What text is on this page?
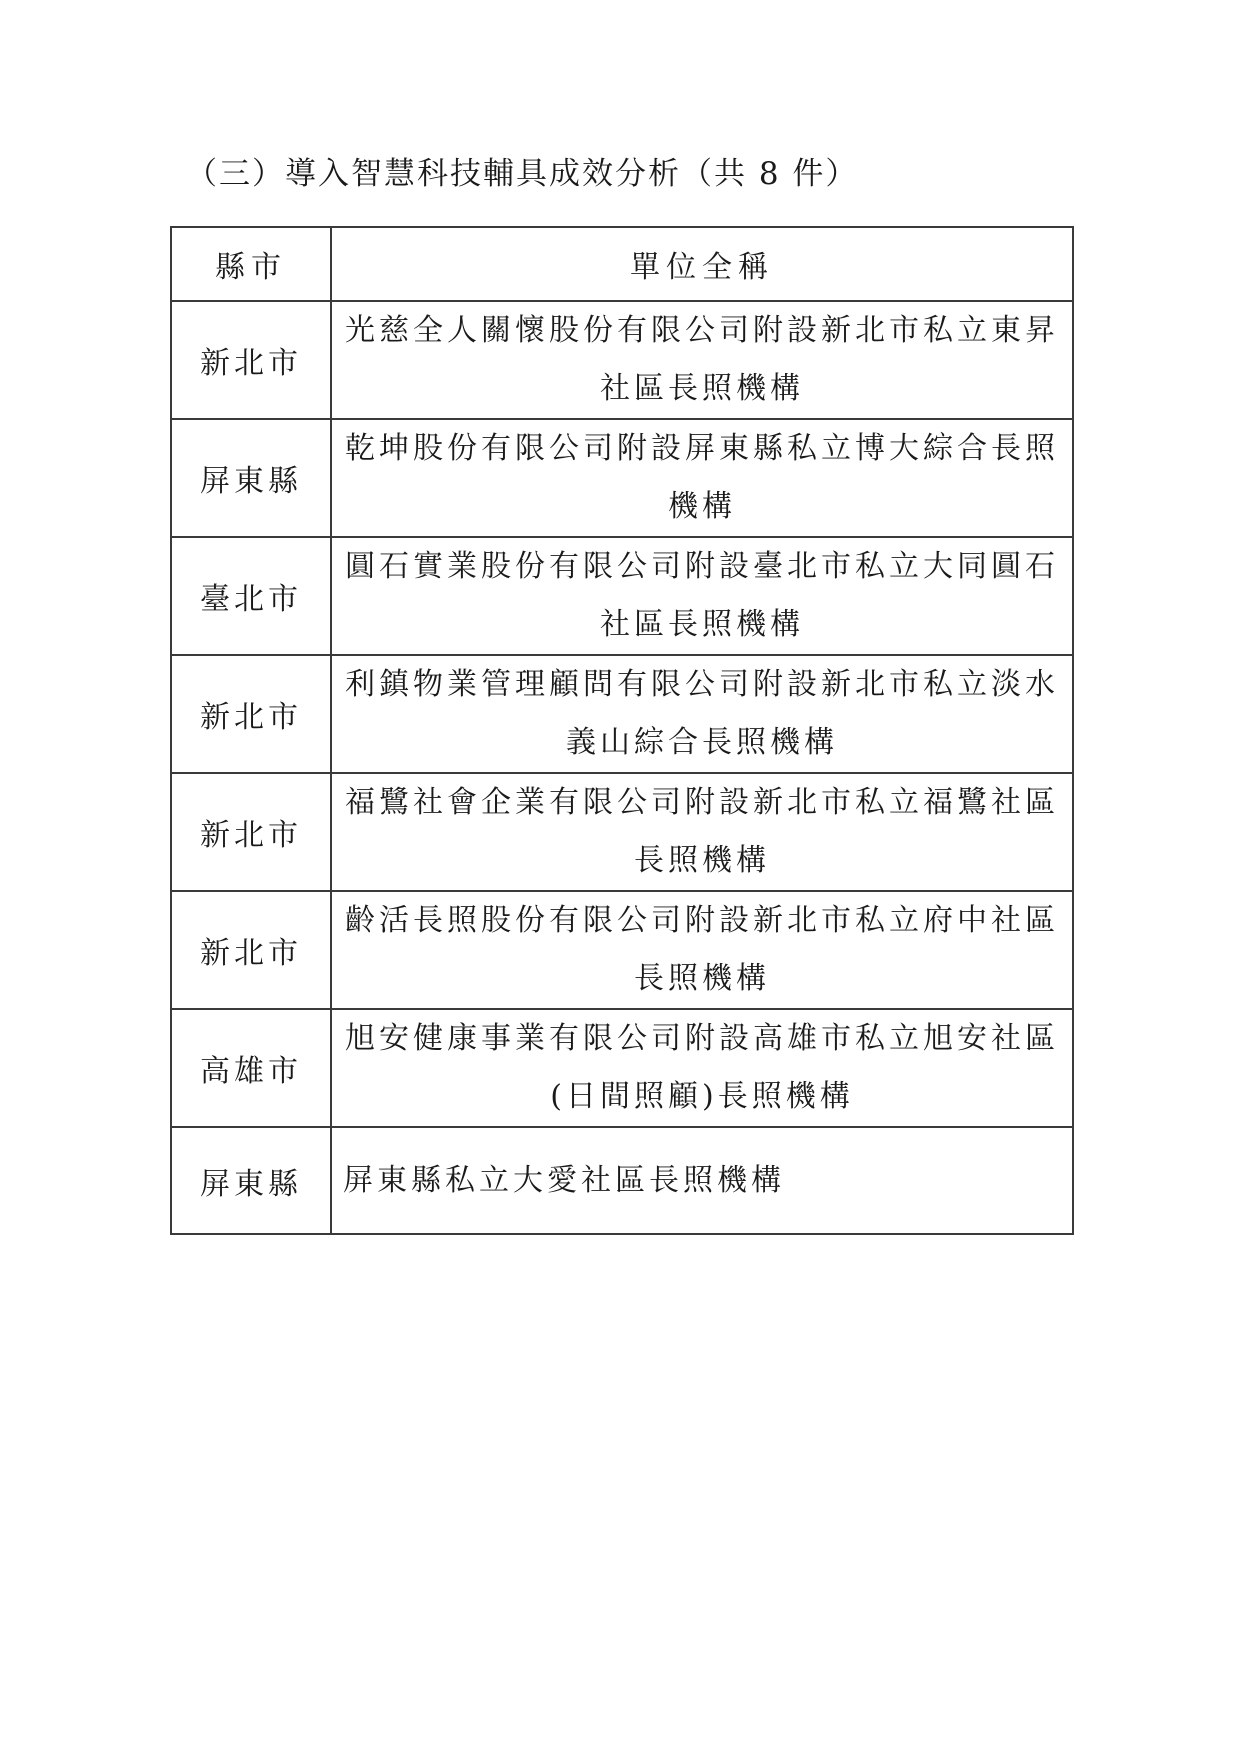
（三）導入智慧科技輔具成效分析（共 8 件）
縣市	單位全稱
新北市	光慈全人關懷股份有限公司附設新北市私立東昇社區長照機構
屏東縣	乾坤股份有限公司附設屏東縣私立博大綜合長照機構
臺北市	圓石實業股份有限公司附設臺北市私立大同圓石社區長照機構
新北市	利鎮物業管理顧問有限公司附設新北市私立淡水義山綜合長照機構
新北市	福鷺社會企業有限公司附設新北市私立福鷺社區長照機構
新北市	齡活長照股份有限公司附設新北市私立府中社區長照機構
高雄市	旭安健康事業有限公司附設高雄市私立旭安社區(日間照顧)長照機構
屏東縣	屏東縣私立大愛社區長照機構
